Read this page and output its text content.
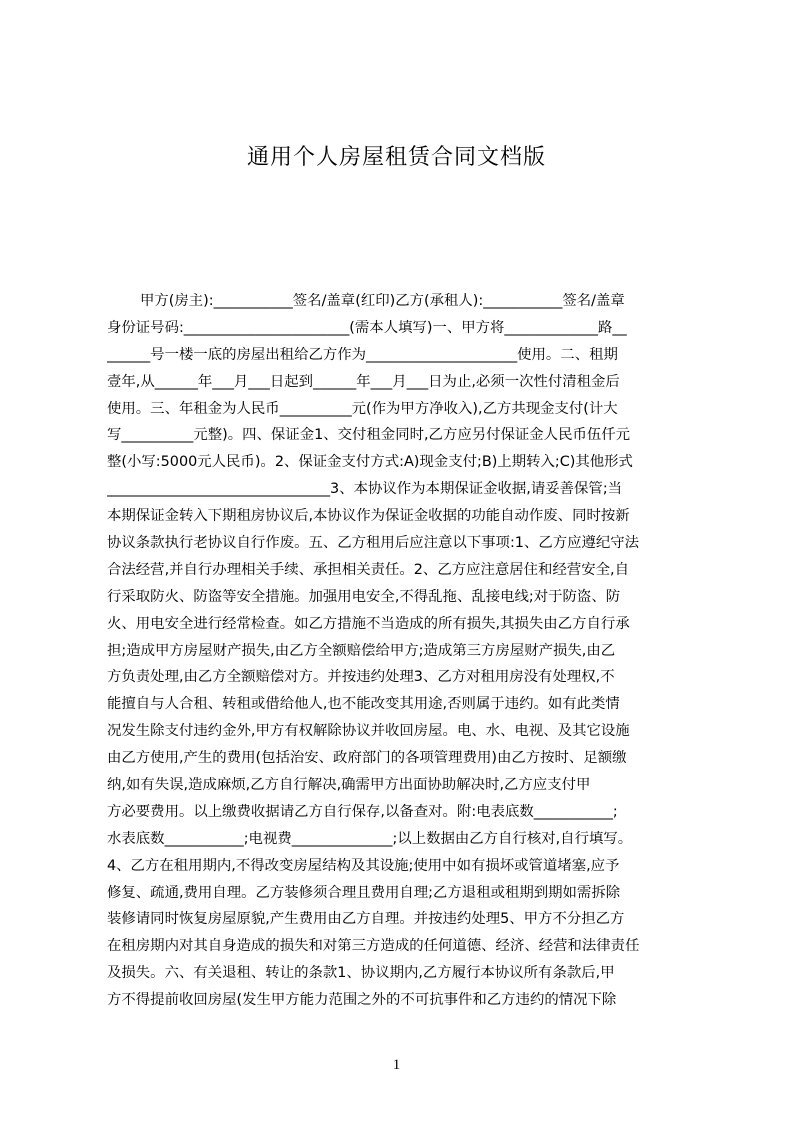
通用个人房屋租赁合同文档版
甲方(房主):___________签名/盖章(红印)乙方(承租人):___________签名/盖章
身份证号码:_______________________(需本人填写)一、甲方将_____________路__
______号一楼一底的房屋出租给乙方作为_____________________使用。二、租期
壹年,从______年___月___日起到______年___月___日为止,必须一次性付清租金后
使用。三、年租金为人民币__________元(作为甲方净收入),乙方共现金支付(计大
写__________元整)。四、保证金1、交付租金同时,乙方应另付保证金人民币伍仟元
整(小写:5000元人民币)。2、保证金支付方式:A)现金支付;B)上期转入;C)其他形式
_______________________________3、本协议作为本期保证金收据,请妥善保管;当
本期保证金转入下期租房协议后,本协议作为保证金收据的功能自动作废、同时按新
协议条款执行老协议自行作废。五、乙方租用后应注意以下事项:1、乙方应遵纪守法
合法经营,并自行办理相关手续、承担相关责任。2、乙方应注意居住和经营安全,自
行采取防火、防盗等安全措施。加强用电安全,不得乱拖、乱接电线;对于防盗、防
火、用电安全进行经常检查。如乙方措施不当造成的所有损失,其损失由乙方自行承
担;造成甲方房屋财产损失,由乙方全额赔偿给甲方;造成第三方房屋财产损失,由乙
方负责处理,由乙方全额赔偿对方。并按违约处理3、乙方对租用房没有处理权,不
能擅自与人合租、转租或借给他人,也不能改变其用途,否则属于违约。如有此类情
况发生除支付违约金外,甲方有权解除协议并收回房屋。电、水、电视、及其它设施
由乙方使用,产生的费用(包括治安、政府部门的各项管理费用)由乙方按时、足额缴
纳,如有失误,造成麻烦,乙方自行解决,确需甲方出面协助解决时,乙方应支付甲
方必要费用。以上缴费收据请乙方自行保存,以备查对。附:电表底数___________;
水表底数___________;电视费______________;以上数据由乙方自行核对,自行填写。
4、乙方在租用期内,不得改变房屋结构及其设施;使用中如有损坏或管道堵塞,应予
修复、疏通,费用自理。乙方装修须合理且费用自理;乙方退租或租期到期如需拆除
装修请同时恢复房屋原貌,产生费用由乙方自理。并按违约处理5、甲方不分担乙方
在租房期内对其自身造成的损失和对第三方造成的任何道德、经济、经营和法律责任
及损失。六、有关退租、转让的条款1、协议期内,乙方履行本协议所有条款后,甲
方不得提前收回房屋(发生甲方能力范围之外的不可抗事件和乙方违约的情况下除
1
